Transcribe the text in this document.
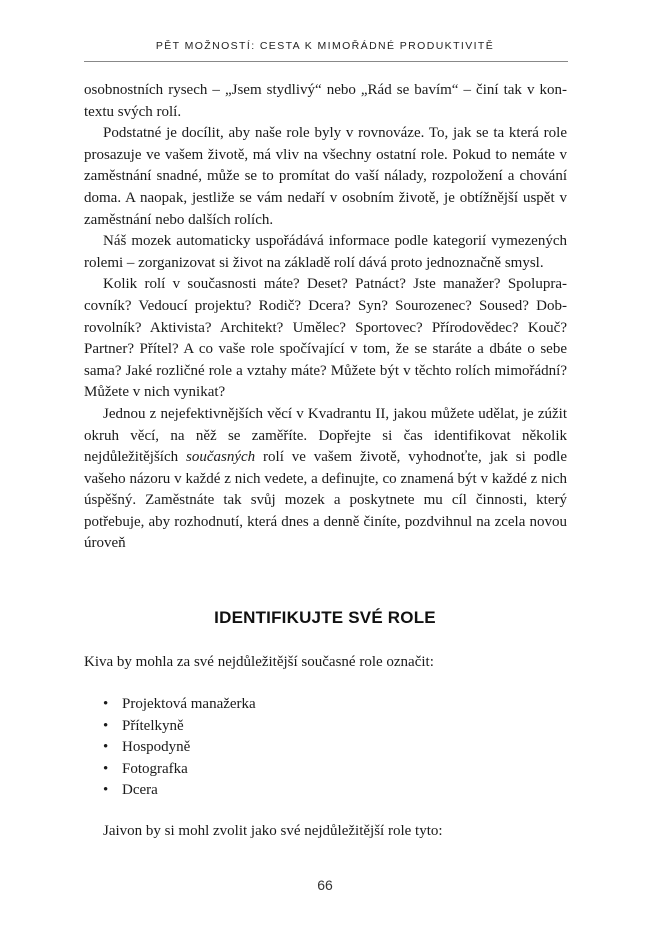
PĚT MOŽNOSTÍ: CESTA K MIMOŘÁDNÉ PRODUKTIVITĚ

osobnostních rysech – „Jsem stydlivý“ nebo „Rád se bavím“ – činí tak v kontextu svých rolí.

Podstatné je docílit, aby naše role byly v rovnováze. To, jak se ta která role prosazuje ve vašem životě, má vliv na všechny ostatní role. Pokud to nemáte v zaměstnání snadné, může se to promítat do vaší nálady, rozpoložení a chování doma. A naopak, jestliže se vám nedaří v osobním životě, je obtížnější uspět v zaměstnání nebo dalších rolích.

Náš mozek automaticky uspořádává informace podle kategorií vymezených rolemi – zorganizovat si život na základě rolí dává proto jednoznačně smysl.

Kolik rolí v současnosti máte? Deset? Patnáct? Jste manažer? Spolupracovník? Vedoucí projektu? Rodič? Dcera? Syn? Sourozenec? Soused? Dobrovolník? Aktivista? Architekt? Umělec? Sportovec? Přírodovědec? Kouč? Partner? Přítel? A co vaše role spočívající v tom, že se staráte a dbáte o sebe sama? Jaké rozličné role a vztahy máte? Můžete být v těchto rolích mimořádní? Můžete v nich vynikat?

Jednou z nejefektivnějších věcí v Kvadrantu II, jakou můžete udělat, je zúžit okruh věcí, na něž se zaměříte. Dopřejte si čas identifikovat několik nejdůležitějších současných rolí ve vašem životě, vyhodnoťte, jak si podle vašeho názoru v každé z nich vedete, a definujte, co znamená být v každé z nich úspěšný. Zaměstnáte tak svůj mozek a poskytnete mu cíl činnosti, který potřebuje, aby rozhodnutí, která dnes a denně činíte, pozdvihnul na zcela novou úroveň

IDENTIFIKUJTE SVÉ ROLE

Kiva by mohla za své nejdůležitější současné role označit:

• Projektová manažerka
• Přítelkyně
• Hospodyně
• Fotografka
• Dcera

Jaivon by si mohl zvolit jako své nejdůležitější role tyto:

66
